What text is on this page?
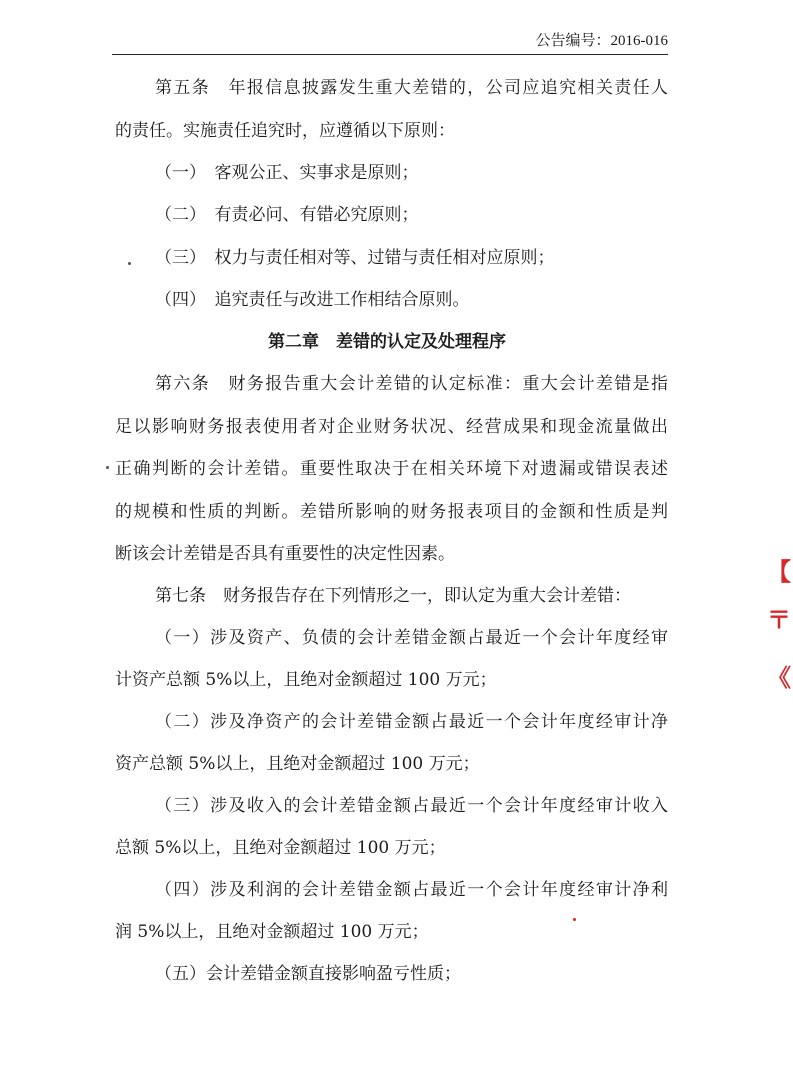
公告编号：2016-016
第五条　年报信息披露发生重大差错的，公司应追究相关责任人
的责任。实施责任追究时，应遵循以下原则：
（一）　客观公正、实事求是原则；
（二）　有责必问、有错必究原则；
（三）　权力与责任相对等、过错与责任相对应原则；
（四）　追究责任与改进工作相结合原则。
第二章　差错的认定及处理程序
第六条　财务报告重大会计差错的认定标准：重大会计差错是指
足以影响财务报表使用者对企业财务状况、经营成果和现金流量做出
正确判断的会计差错。重要性取决于在相关环境下对遗漏或错误表述
的规模和性质的判断。差错所影响的财务报表项目的金额和性质是判
断该会计差错是否具有重要性的决定性因素。
第七条　财务报告存在下列情形之一，即认定为重大会计差错：
（一）涉及资产、负债的会计差错金额占最近一个会计年度经审
计资产总额 5%以上，且绝对金额超过 100 万元；
（二）涉及净资产的会计差错金额占最近一个会计年度经审计净
资产总额 5%以上，且绝对金额超过 100 万元；
（三）涉及收入的会计差错金额占最近一个会计年度经审计收入
总额 5%以上，且绝对金额超过 100 万元；
（四）涉及利润的会计差错金额占最近一个会计年度经审计净利
润 5%以上，且绝对金额超过 100 万元；
（五）会计差错金额直接影响盈亏性质；
【
〒
《
